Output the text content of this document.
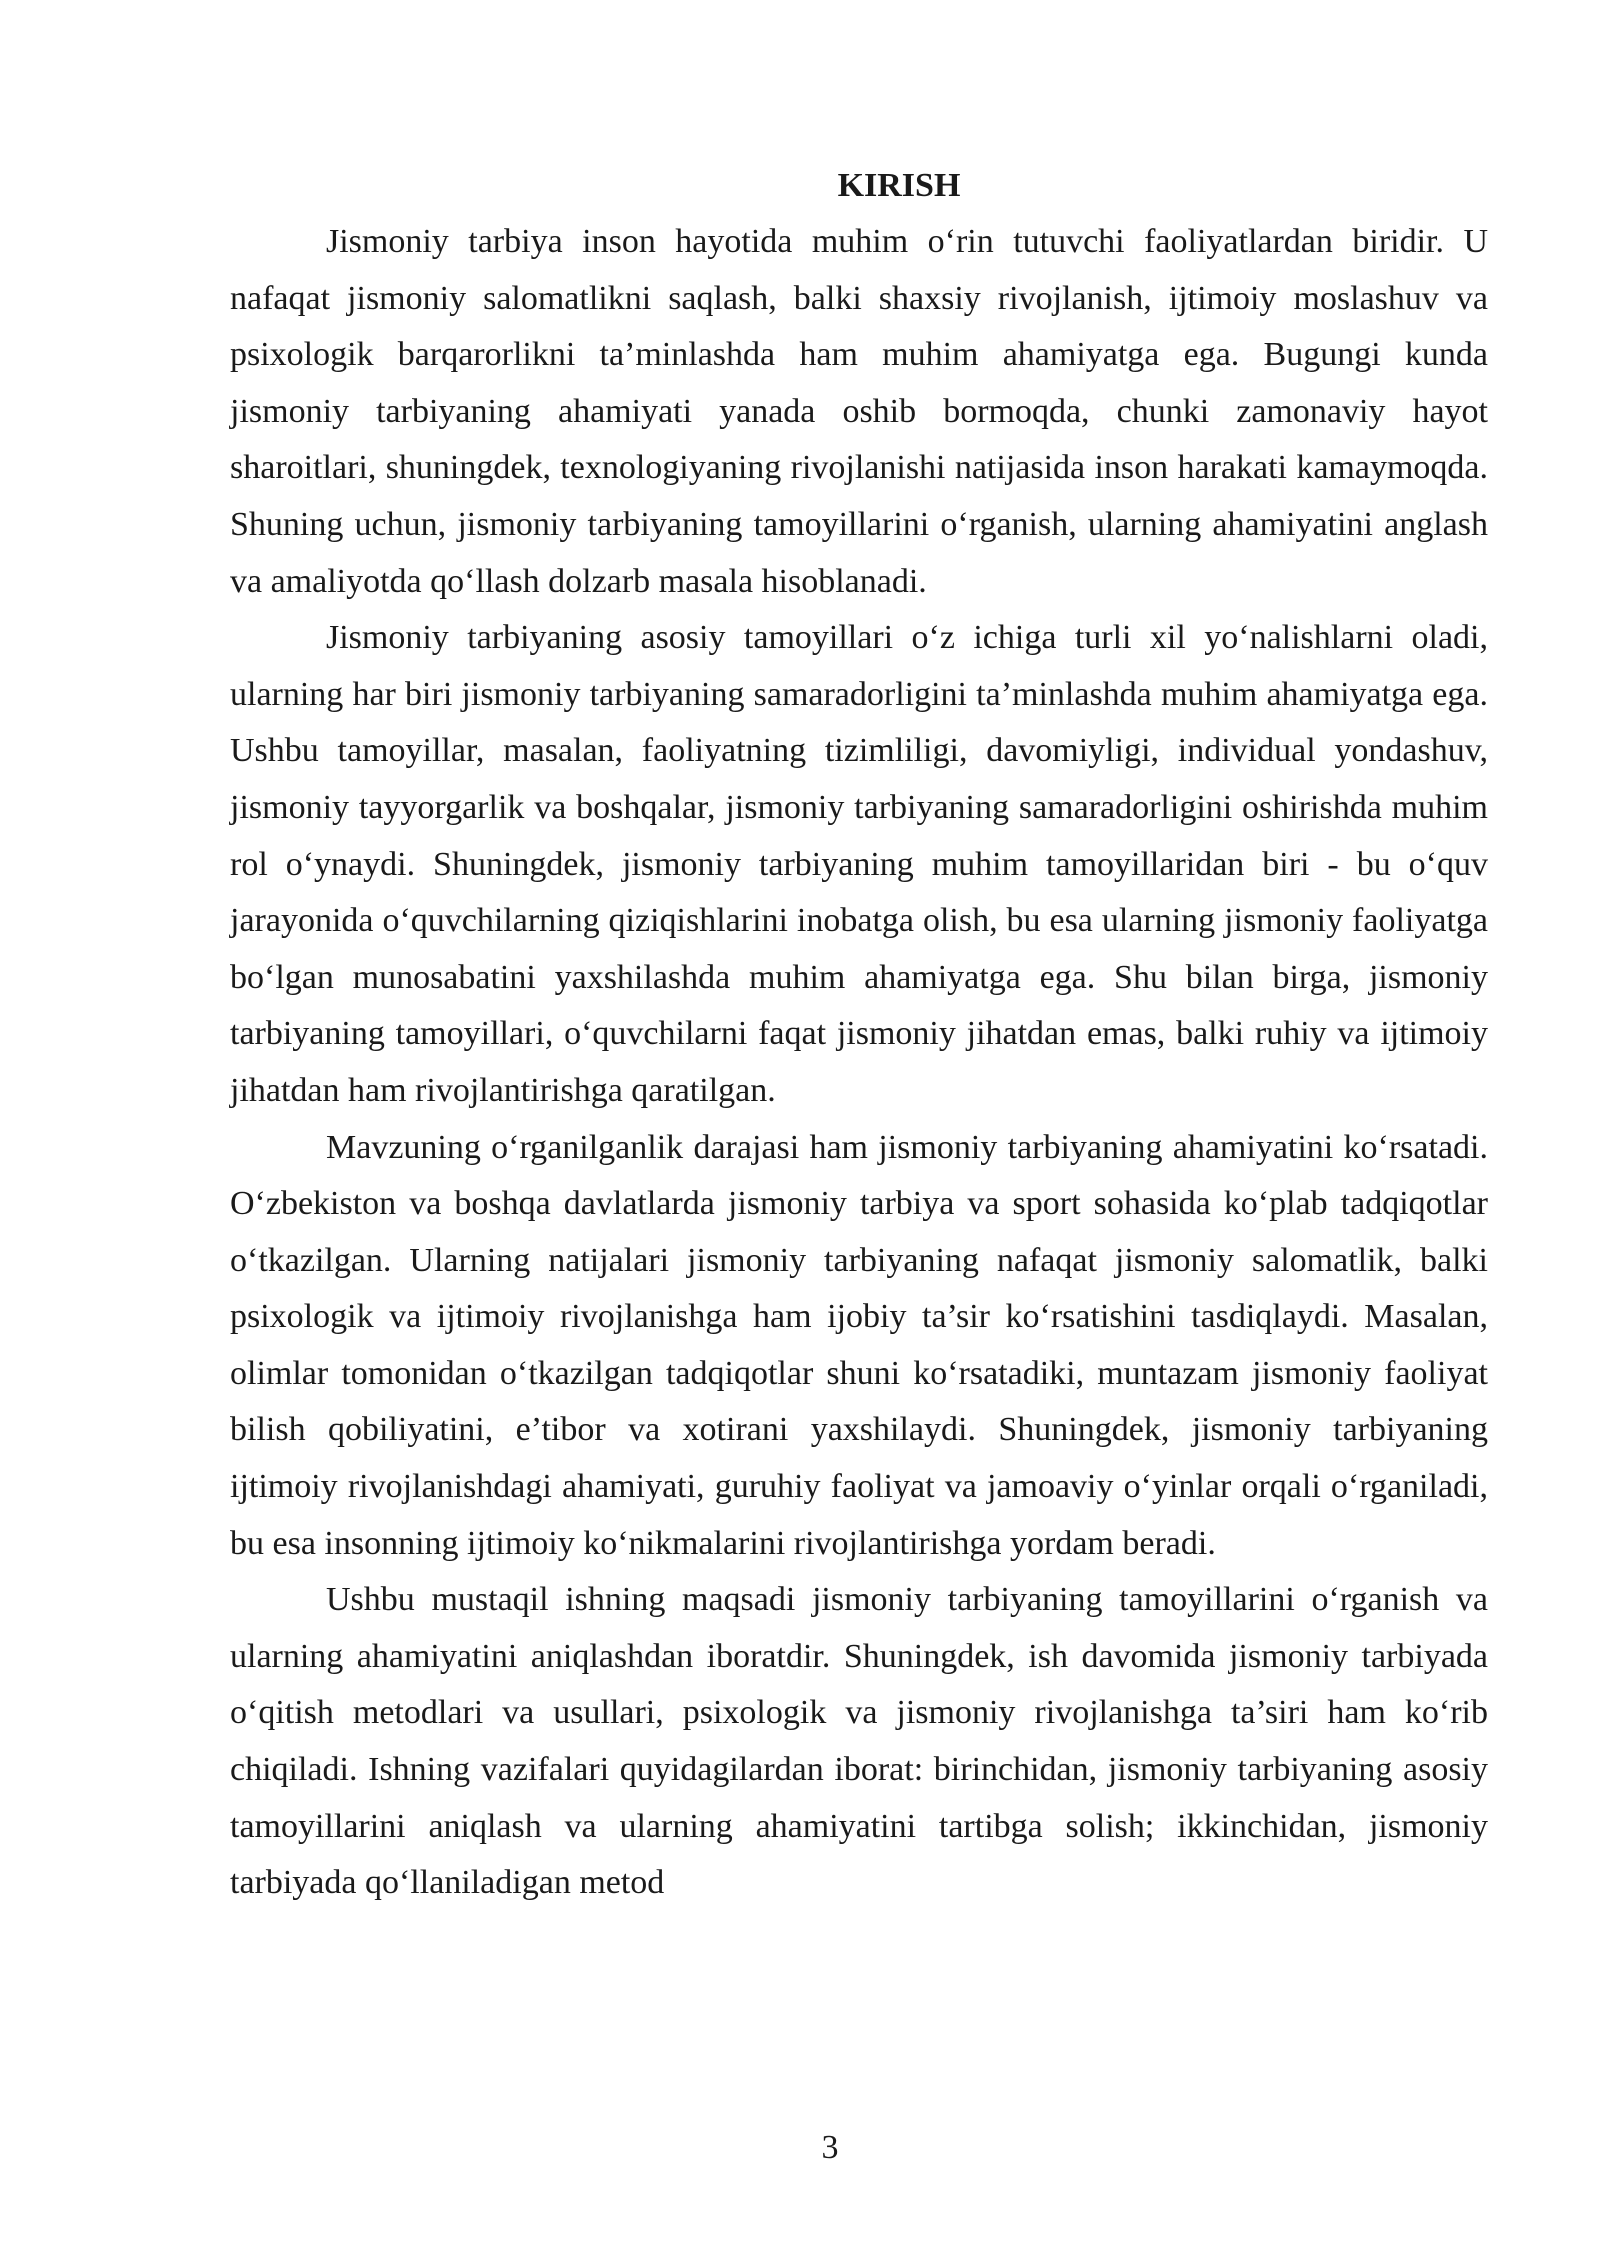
KIRISH

Jismoniy tarbiya inson hayotida muhim o‘rin tutuvchi faoliyatlardan biridir. U nafaqat jismoniy salomatlikni saqlash, balki shaxsiy rivojlanish, ijtimoiy moslashuv va psixologik barqarorlikni ta’minlashda ham muhim ahamiyatga ega. Bugungi kunda jismoniy tarbiyaning ahamiyati yanada oshib bormoqda, chunki zamonaviy hayot sharoitlari, shuningdek, texnologiyaning rivojlanishi natijasida inson harakati kamaymoqda. Shuning uchun, jismoniy tarbiyaning tamoyillarini o‘rganish, ularning ahamiyatini anglash va amaliyotda qo‘llash dolzarb masala hisoblanadi.

Jismoniy tarbiyaning asosiy tamoyillari o‘z ichiga turli xil yo‘nalishlarni oladi, ularning har biri jismoniy tarbiyaning samaradorligini ta’minlashda muhim ahamiyatga ega. Ushbu tamoyillar, masalan, faoliyatning tizimliligi, davomiyligi, individual yondashuv, jismoniy tayyorgarlik va boshqalar, jismoniy tarbiyaning samaradorligini oshirishda muhim rol o‘ynaydi. Shuningdek, jismoniy tarbiyaning muhim tamoyillaridan biri - bu o‘quv jarayonida o‘quvchilarning qiziqishlarini inobatga olish, bu esa ularning jismoniy faoliyatga bo‘lgan munosabatini yaxshilashda muhim ahamiyatga ega. Shu bilan birga, jismoniy tarbiyaning tamoyillari, o‘quvchilarni faqat jismoniy jihatdan emas, balki ruhiy va ijtimoiy jihatdan ham rivojlantirishga qaratilgan.

Mavzuning o‘rganilganlik darajasi ham jismoniy tarbiyaning ahamiyatini ko‘rsatadi. O‘zbekiston va boshqa davlatlarda jismoniy tarbiya va sport sohasida ko‘plab tadqiqotlar o‘tkazilgan. Ularning natijalari jismoniy tarbiyaning nafaqat jismoniy salomatlik, balki psixologik va ijtimoiy rivojlanishga ham ijobiy ta’sir ko‘rsatishini tasdiqlaydi. Masalan, olimlar tomonidan o‘tkazilgan tadqiqotlar shuni ko‘rsatadiki, muntazam jismoniy faoliyat bilish qobiliyatini, e’tibor va xotirani yaxshilaydi. Shuningdek, jismoniy tarbiyaning ijtimoiy rivojlanishdagi ahamiyati, guruhiy faoliyat va jamoaviy o‘yinlar orqali o‘rganiladi, bu esa insonning ijtimoiy ko‘nikmalarini rivojlantirishga yordam beradi.

Ushbu mustaqil ishning maqsadi jismoniy tarbiyaning tamoyillarini o‘rganish va ularning ahamiyatini aniqlashdan iboratdir. Shuningdek, ish davomida jismoniy tarbiyada o‘qitish metodlari va usullari, psixologik va jismoniy rivojlanishga ta’siri ham ko‘rib chiqiladi. Ishning vazifalari quyidagilardan iborat: birinchidan, jismoniy tarbiyaning asosiy tamoyillarini aniqlash va ularning ahamiyatini tartibga solish; ikkinchidan, jismoniy tarbiyada qo‘llaniladigan metod

3
